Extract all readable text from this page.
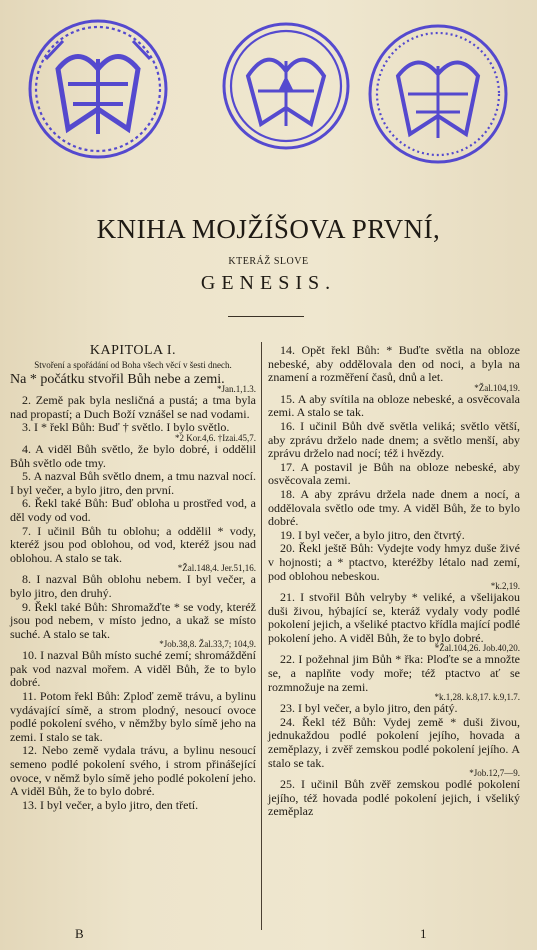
KNIHA MOJŽÍŠOVA PRVNÍ,
KTERÁŽ SLOVE
GENESIS.
KAPITOLA I.
Stvoření a spořádání od Boha všech věcí v šesti dnech.

Na * počátku stvořil Bůh nebe a zemi.

*Jan.1,1.3.

2. Země pak byla nesličná a pustá; a tma byla nad propastí; a Duch Boží vznášel se nad vodami.

3. I * řekl Bůh: Buď † světlo. I bylo světlo.

*2 Kor.4,6. †Izai.45,7.

4. A viděl Bůh světlo, že bylo dobré, i oddělil Bůh světlo ode tmy.

5. A nazval Bůh světlo dnem, a tmu nazval nocí. I byl večer, a bylo jitro, den první.

6. Řekl také Bůh: Buď obloha u prostřed vod, a děl vody od vod.

7. I učinil Bůh tu oblohu; a oddělil * vody, kteréž jsou pod oblohou, od vod, kteréž jsou nad oblohou. A stalo se tak.

*Žal.148,4. Jer.51,16.

8. I nazval Bůh oblohu nebem. I byl večer, a bylo jitro, den druhý.

9. Řekl také Bůh: Shromažďte * se vody, kteréž jsou pod nebem, v místo jedno, a ukaž se místo suché. A stalo se tak.

*Job.38,8. Žal.33,7; 104,9.

10. I nazval Bůh místo suché zemí; shromáždění pak vod nazval mořem. A viděl Bůh, že to bylo dobré.

11. Potom řekl Bůh: Zploď země trávu, a bylinu vydávající símě, a strom plodný, nesoucí ovoce podlé pokolení svého, v němžby bylo símě jeho na zemi. I stalo se tak.

12. Nebo země vydala trávu, a bylinu nesoucí semeno podlé pokolení svého, i strom přinášející ovoce, v němž bylo símě jeho podlé pokolení jeho. A viděl Bůh, že to bylo dobré.

13. I byl večer, a bylo jitro, den třetí.

14. Opět řekl Bůh: * Buďte světla na obloze nebeské, aby oddělovala den od noci, a byla na znamení a rozměření časů, dnů a let.

*Žal.104,19.

15. A aby svítila na obloze nebeské, a osvěcovala zemi. A stalo se tak.

16. I učinil Bůh dvě světla veliká; světlo větší, aby zprávu drželo nade dnem; a světlo menší, aby zprávu drželo nad nocí; též i hvězdy.

17. A postavil je Bůh na obloze nebeské, aby osvěcovala zemi.

18. A aby zprávu držela nade dnem a nocí, a oddělovala světlo ode tmy. A viděl Bůh, že to bylo dobré.

19. I byl večer, a bylo jitro, den čtvrtý.

20. Řekl ještě Bůh: Vydejte vody hmyz duše živé v hojnosti; a * ptactvo, kteréžby létalo nad zemí, pod oblohou nebeskou.

*k.2,19.

21. I stvořil Bůh velryby * veliké, a všelijakou duši živou, hýbající se, kteráž vydaly vody podlé pokolení jejich, a všeliké ptactvo křídla mající podlé pokolení jeho. A viděl Bůh, že to bylo dobré.

*Žal.104,26. Job.40,20.

22. I požehnal jim Bůh * řka: Ploďte se a množte se, a naplňte vody moře; též ptactvo ať se rozmnožuje na zemi.

*k.1,28. k.8,17. k.9,1.7.

23. I byl večer, a bylo jitro, den pátý.

24. Řekl též Bůh: Vydej země * duši živou, jednukaždou podlé pokolení jejího, hovada a zeměplazy, i zvěř zemskou podlé pokolení jejího. A stalo se tak.

*Job.12,7—9.

25. I učinil Bůh zvěř zemskou podlé pokolení jejího, též hovada podlé pokolení jejich, i všeliký zeměplaz

B	1
